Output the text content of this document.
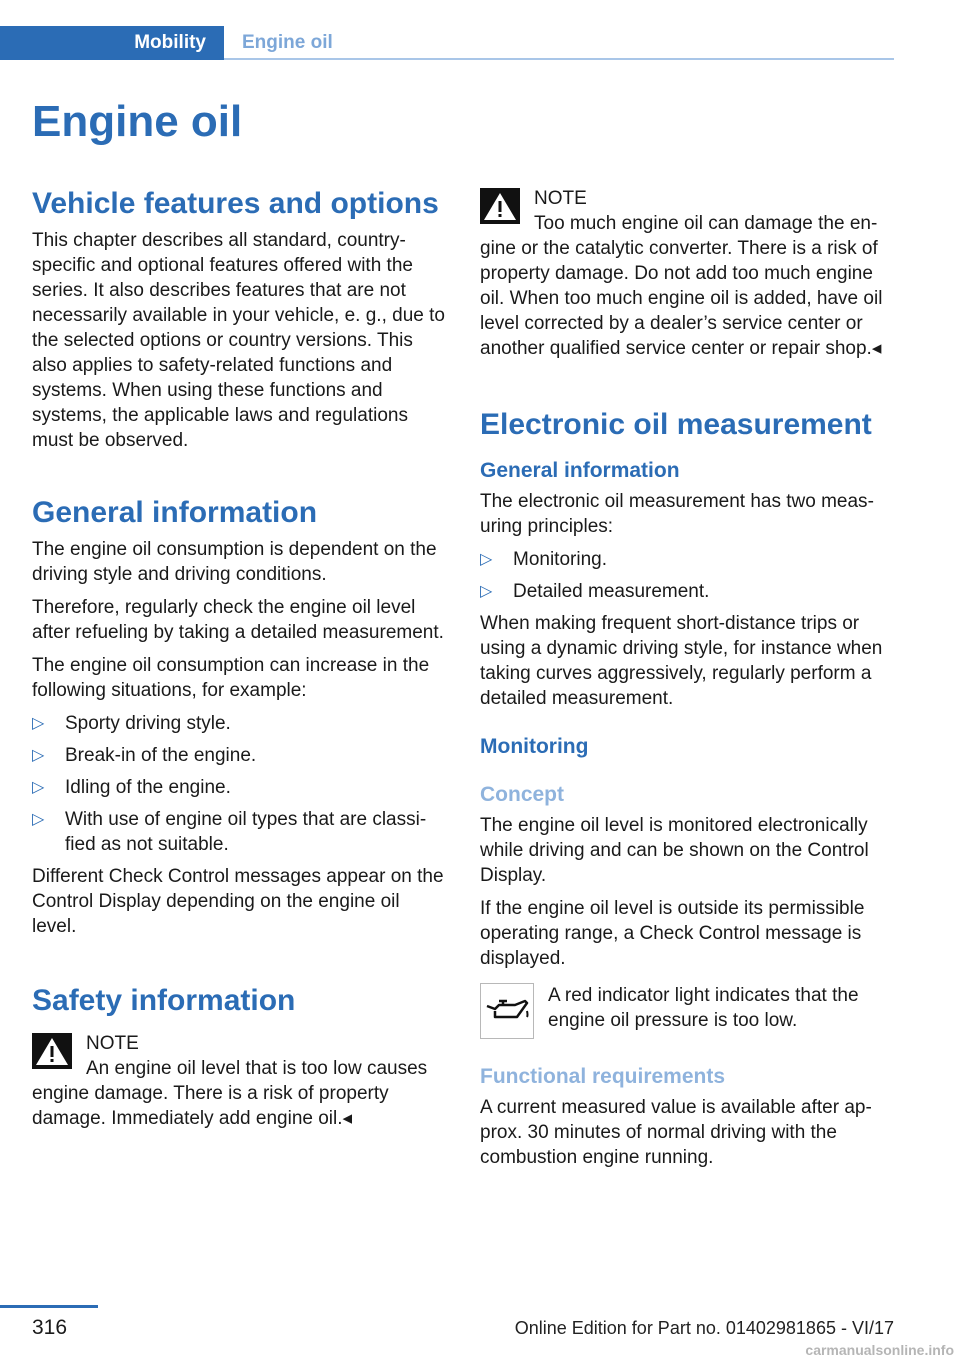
Mobility	Engine oil
Engine oil
Vehicle features and options

This chapter describes all standard, country-specific and optional features offered with the series. It also describes features that are not necessarily available in your vehicle, e. g., due to the selected options or country versions. This also applies to safety-related functions and systems. When using these functions and systems, the applicable laws and regulations must be observed.

General information

The engine oil consumption is dependent on the driving style and driving conditions.

Therefore, regularly check the engine oil level after refueling by taking a detailed measurement.

The engine oil consumption can increase in the following situations, for example:

▷ Sporty driving style.
▷ Break-in of the engine.
▷ Idling of the engine.
▷ With use of engine oil types that are classified as not suitable.

Different Check Control messages appear on the Control Display depending on the engine oil level.

Safety information
NOTE
An engine oil level that is too low causes engine damage. There is a risk of property damage. Immediately add engine oil.◂
NOTE
Too much engine oil can damage the engine or the catalytic converter. There is a risk of property damage. Do not add too much engine oil. When too much engine oil is added, have oil level corrected by a dealer’s service center or another qualified service center or repair shop.◂
Electronic oil measurement
General information

The electronic oil measurement has two measuring principles:

▷ Monitoring.
▷ Detailed measurement.

When making frequent short-distance trips or using a dynamic driving style, for instance when taking curves aggressively, regularly perform a detailed measurement.

Monitoring
Concept

The engine oil level is monitored electronically while driving and can be shown on the Control Display.

If the engine oil level is outside its permissible operating range, a Check Control message is displayed.

A red indicator light indicates that the engine oil pressure is too low.
Functional requirements

A current measured value is available after approx. 30 minutes of normal driving with the combustion engine running.

316	Online Edition for Part no. 01402981865 - VI/17
carmanualsonline.info
